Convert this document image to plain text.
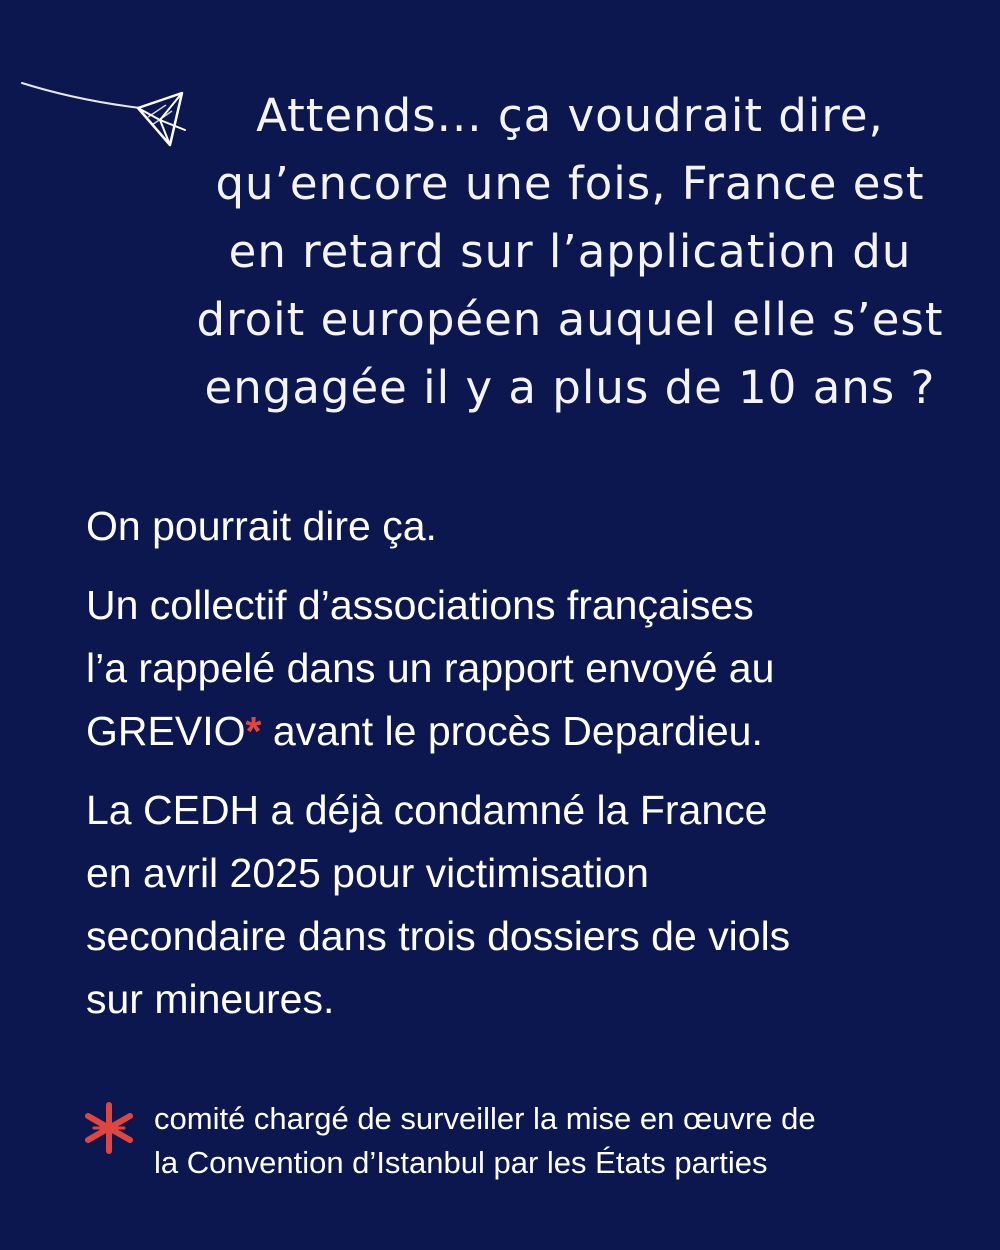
Attends... ça voudrait dire,
qu’encore une fois, France est
en retard sur l’application du
droit européen auquel elle s’est
engagée il y a plus de 10 ans ?

On pourrait dire ça.

Un collectif d’associations françaises
l’a rappelé dans un rapport envoyé au
GREVIO* avant le procès Depardieu.

La CEDH a déjà condamné la France
en avril 2025 pour victimisation
secondaire dans trois dossiers de viols
sur mineures.

comité chargé de surveiller la mise en œuvre de
la Convention d’Istanbul par les États parties
